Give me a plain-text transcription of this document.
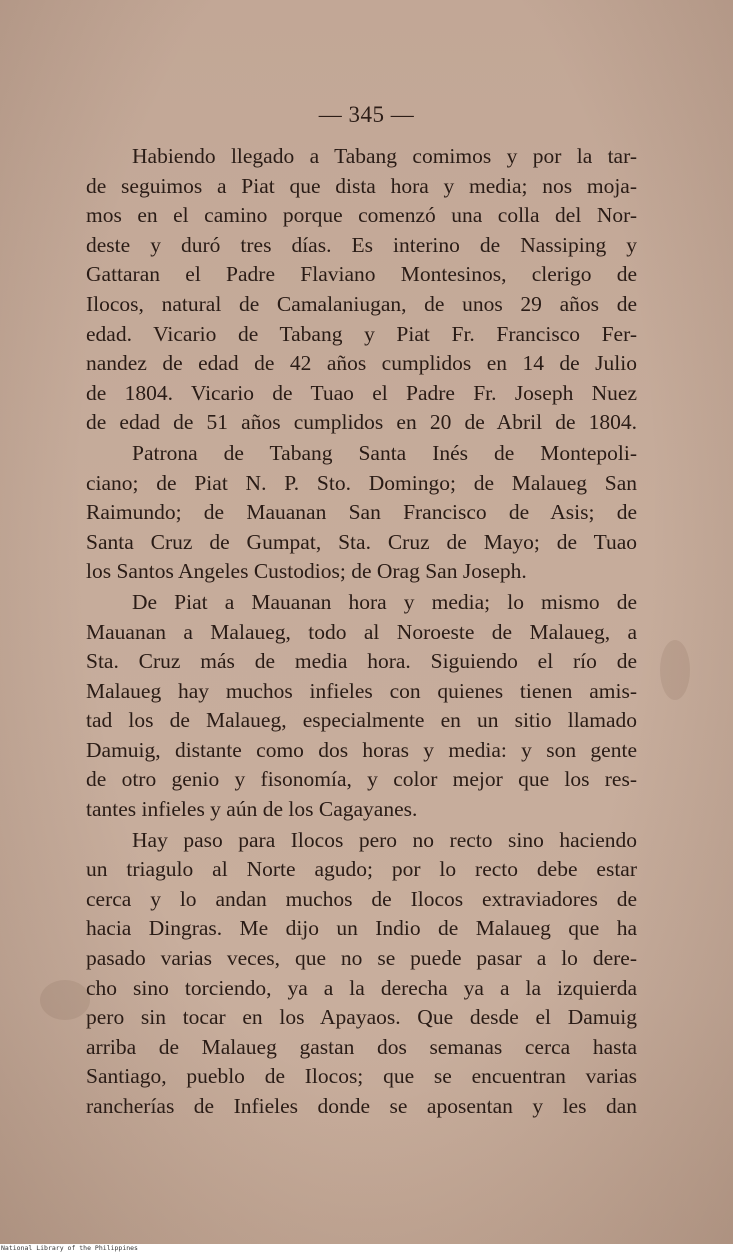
— 345 —
Habiendo llegado a Tabang comimos y por la tar-
de seguimos a Piat que dista hora y media; nos moja-
mos en el camino porque comenzó una colla del Nor-
deste y duró tres días. Es interino de Nassiping y
Gattaran el Padre Flaviano Montesinos, clerigo de
Ilocos, natural de Camalaniugan, de unos 29 años de
edad. Vicario de Tabang y Piat Fr. Francisco Fer-
nandez de edad de 42 años cumplidos en 14 de Julio
de 1804. Vicario de Tuao el Padre Fr. Joseph Nuez
de edad de 51 años cumplidos en 20 de Abril de 1804.
Patrona de Tabang Santa Inés de Montepoli-
ciano; de Piat N. P. Sto. Domingo; de Malaueg San
Raimundo; de Mauanan San Francisco de Asis; de
Santa Cruz de Gumpat, Sta. Cruz de Mayo; de Tuao
los Santos Angeles Custodios; de Orag San Joseph.
De Piat a Mauanan hora y media; lo mismo de
Mauanan a Malaueg, todo al Noroeste de Malaueg, a
Sta. Cruz más de media hora. Siguiendo el río de
Malaueg hay muchos infieles con quienes tienen amis-
tad los de Malaueg, especialmente en un sitio llamado
Damuig, distante como dos horas y media: y son gente
de otro genio y fisonomía, y color mejor que los res-
tantes infieles y aún de los Cagayanes.
Hay paso para Ilocos pero no recto sino haciendo
un triagulo al Norte agudo; por lo recto debe estar
cerca y lo andan muchos de Ilocos extraviadores de
hacia Dingras. Me dijo un Indio de Malaueg que ha
pasado varias veces, que no se puede pasar a lo dere-
cho sino torciendo, ya a la derecha ya a la izquierda
pero sin tocar en los Apayaos. Que desde el Damuig
arriba de Malaueg gastan dos semanas cerca hasta
Santiago, pueblo de Ilocos; que se encuentran varias
rancherías de Infieles donde se aposentan y les dan
National Library of the Philippines
